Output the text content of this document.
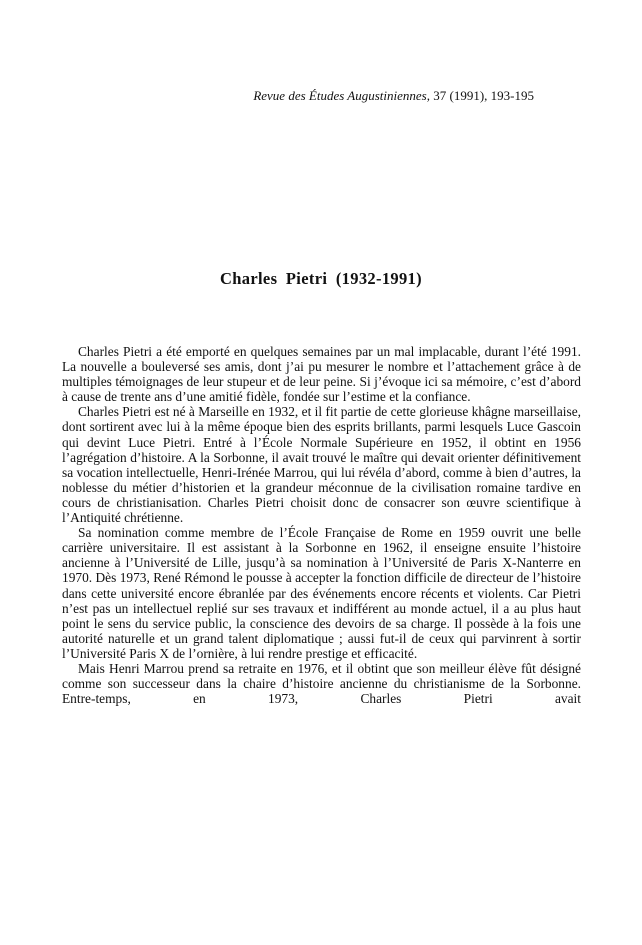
Revue des Études Augustiniennes, 37 (1991), 193-195
Charles Pietri (1932-1991)

Charles Pietri a été emporté en quelques semaines par un mal implacable, durant l’été 1991. La nouvelle a bouleversé ses amis, dont j’ai pu mesurer le nombre et l’attachement grâce à de multiples témoignages de leur stupeur et de leur peine. Si j’évoque ici sa mémoire, c’est d’abord à cause de trente ans d’une amitié fidèle, fondée sur l’estime et la confiance.

Charles Pietri est né à Marseille en 1932, et il fit partie de cette glorieuse khâgne marseillaise, dont sortirent avec lui à la même époque bien des esprits brillants, parmi lesquels Luce Gascoin qui devint Luce Pietri. Entré à l’École Normale Supérieure en 1952, il obtint en 1956 l’agrégation d’histoire. A la Sorbonne, il avait trouvé le maître qui devait orienter définitivement sa vocation intellectuelle, Henri-Irénée Marrou, qui lui révéla d’abord, comme à bien d’autres, la noblesse du métier d’historien et la grandeur méconnue de la civilisation romaine tardive en cours de christianisation. Charles Pietri choisit donc de consacrer son œuvre scientifique à l’Antiquité chrétienne.

Sa nomination comme membre de l’École Française de Rome en 1959 ouvrit une belle carrière universitaire. Il est assistant à la Sorbonne en 1962, il enseigne ensuite l’histoire ancienne à l’Université de Lille, jusqu’à sa nomination à l’Université de Paris X-Nanterre en 1970. Dès 1973, René Rémond le pousse à accepter la fonction difficile de directeur de l’histoire dans cette université encore ébranlée par des événements encore récents et violents. Car Pietri n’est pas un intellectuel replié sur ses travaux et indifférent au monde actuel, il a au plus haut point le sens du service public, la conscience des devoirs de sa charge. Il possède à la fois une autorité naturelle et un grand talent diplomatique ; aussi fut-il de ceux qui parvinrent à sortir l’Université Paris X de l’ornière, à lui rendre prestige et efficacité.

Mais Henri Marrou prend sa retraite en 1976, et il obtint que son meilleur élève fût désigné comme son successeur dans la chaire d’histoire ancienne du christianisme de la Sorbonne. Entre-temps, en 1973, Charles Pietri avait
